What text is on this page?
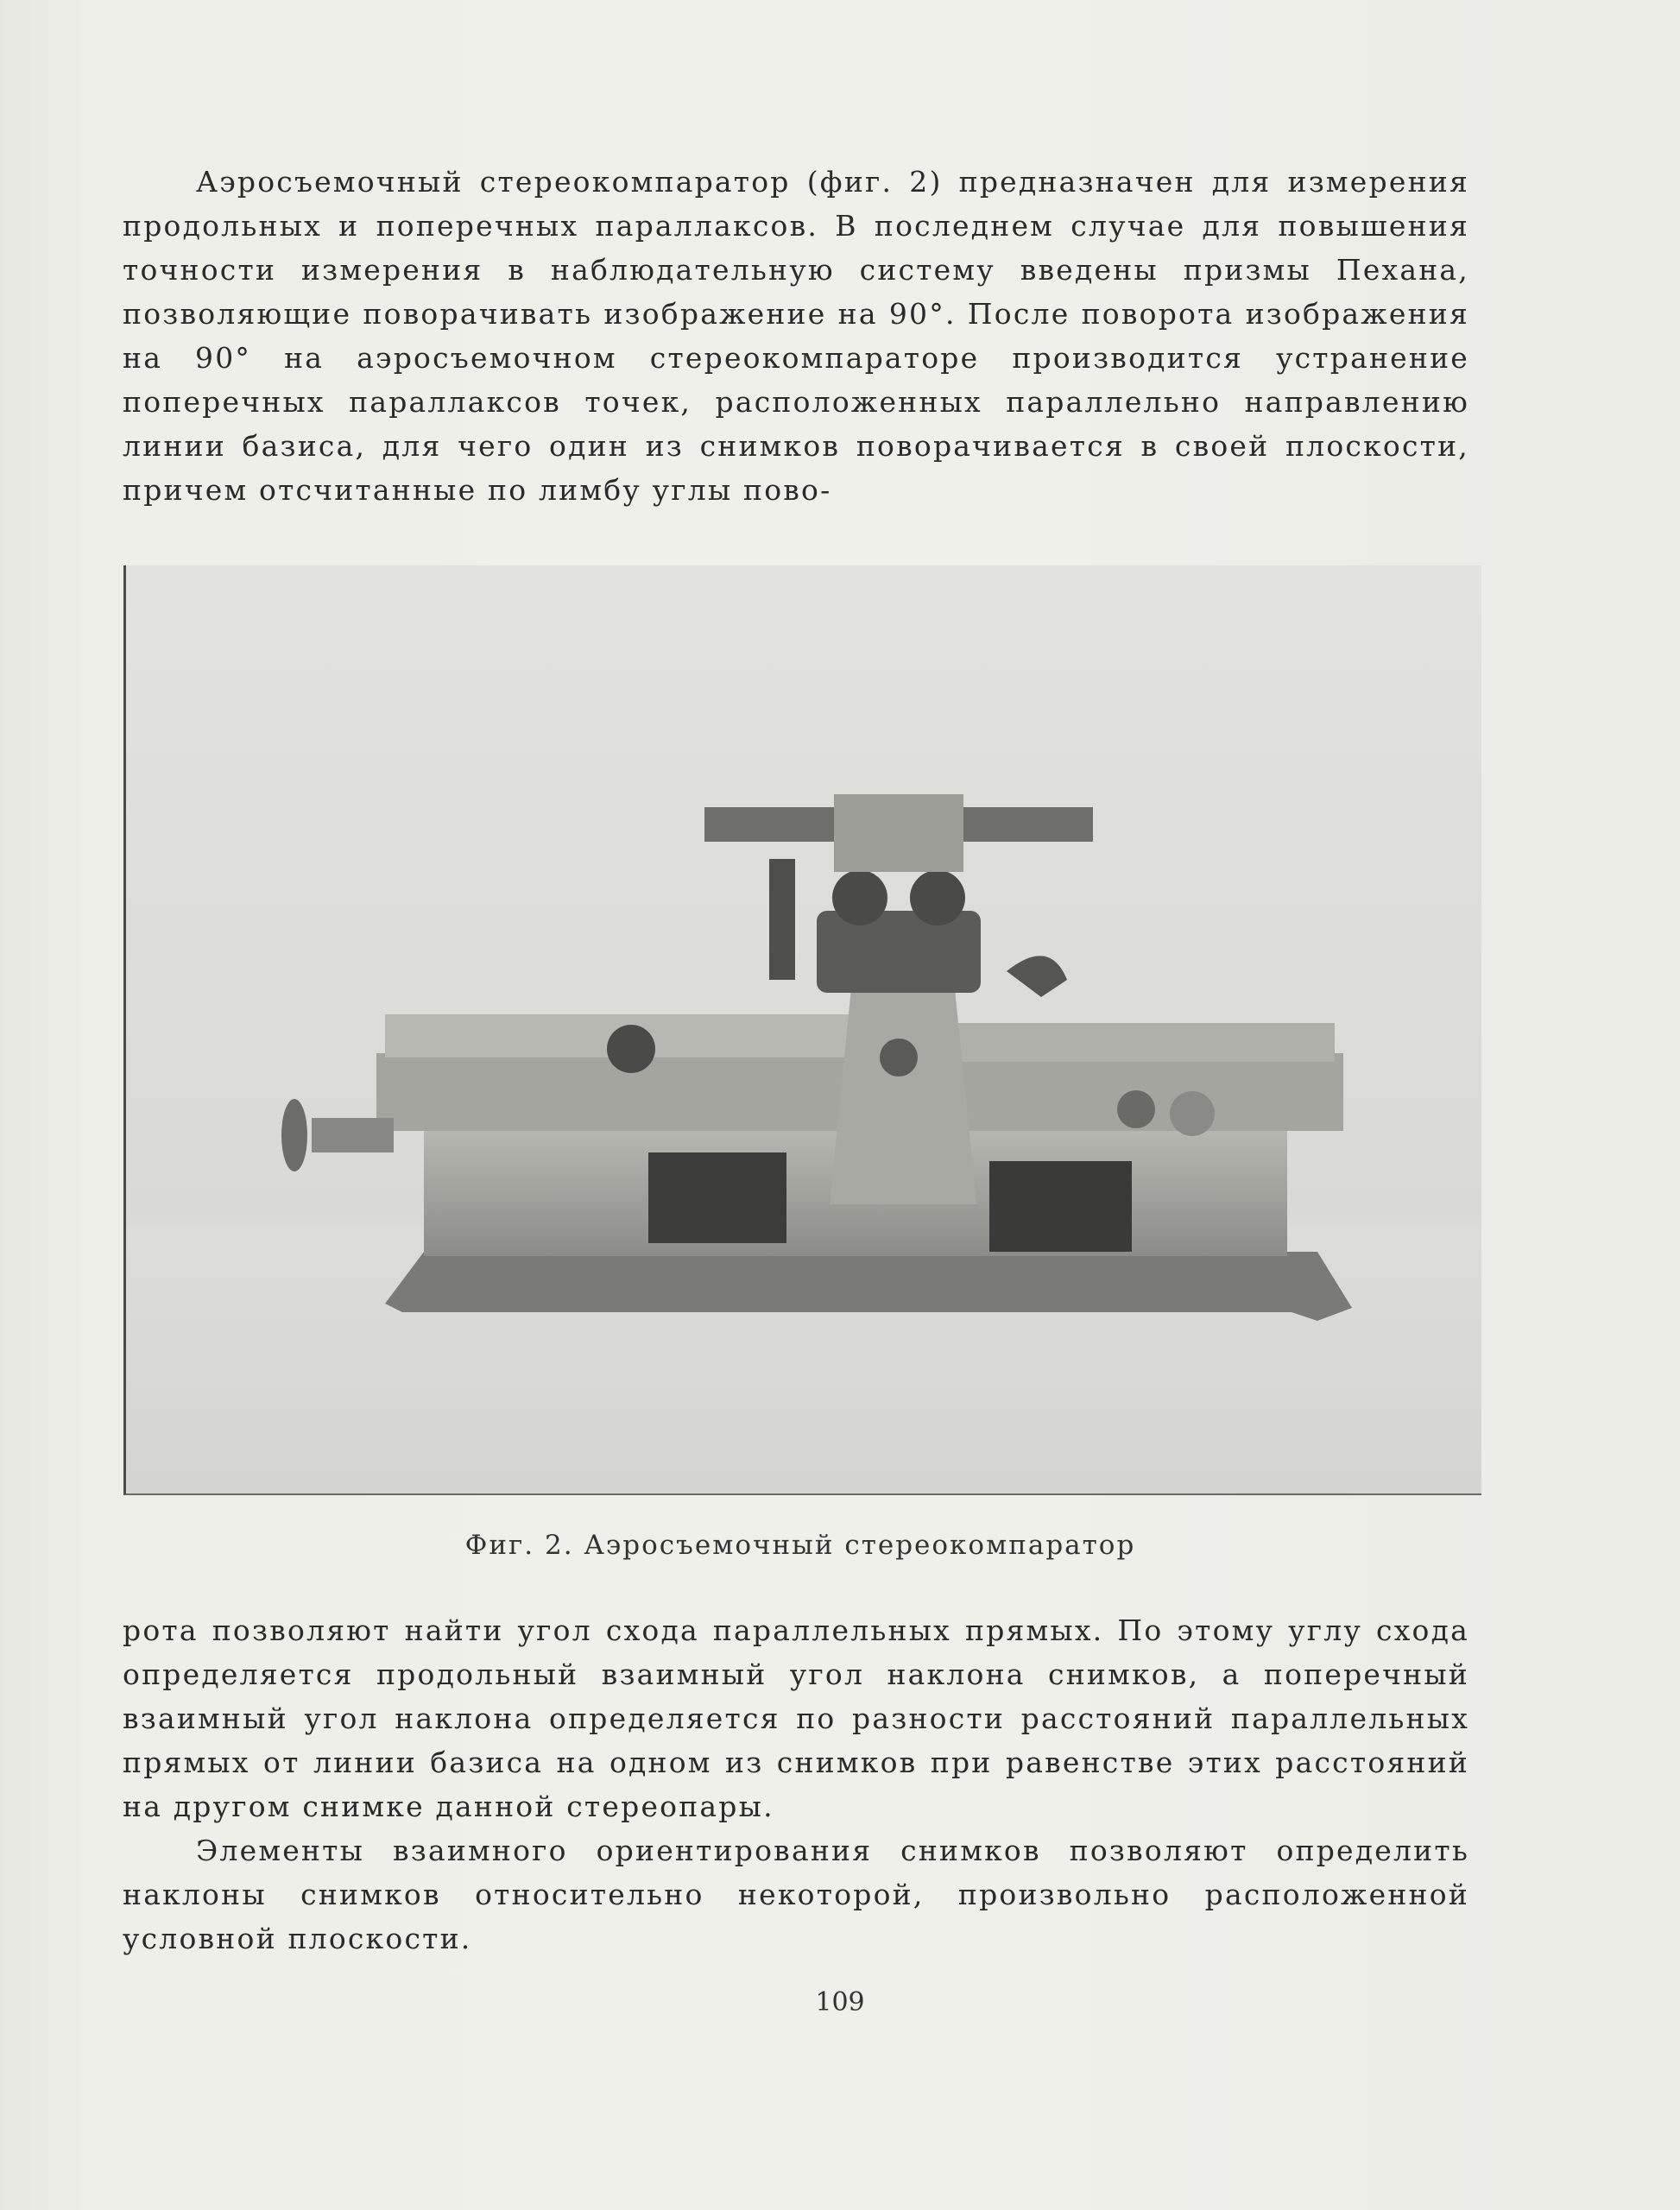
Аэросъемочный стереокомпаратор (фиг. 2) предназначен для измерения продольных и поперечных параллаксов. В последнем случае для повышения точности измерения в наблюдательную систему введены призмы Пехана, позволяющие поворачивать изображение на 90°. После поворота изображения на 90° на аэросъемочном стереокомпараторе производится устранение поперечных параллаксов точек, расположенных параллельно направлению линии базиса, для чего один из снимков поворачивается в своей плоскости, причем отсчитанные по лимбу углы пово-

Фиг. 2. Аэросъемочный стереокомпаратор

рота позволяют найти угол схода параллельных прямых. По этому углу схода определяется продольный взаимный угол наклона снимков, а поперечный взаимный угол наклона определяется по разности расстояний параллельных прямых от линии базиса на одном из снимков при равенстве этих расстояний на другом снимке данной стереопары.

Элементы взаимного ориентирования снимков позволяют определить наклоны снимков относительно некоторой, произвольно расположенной условной плоскости.

109
